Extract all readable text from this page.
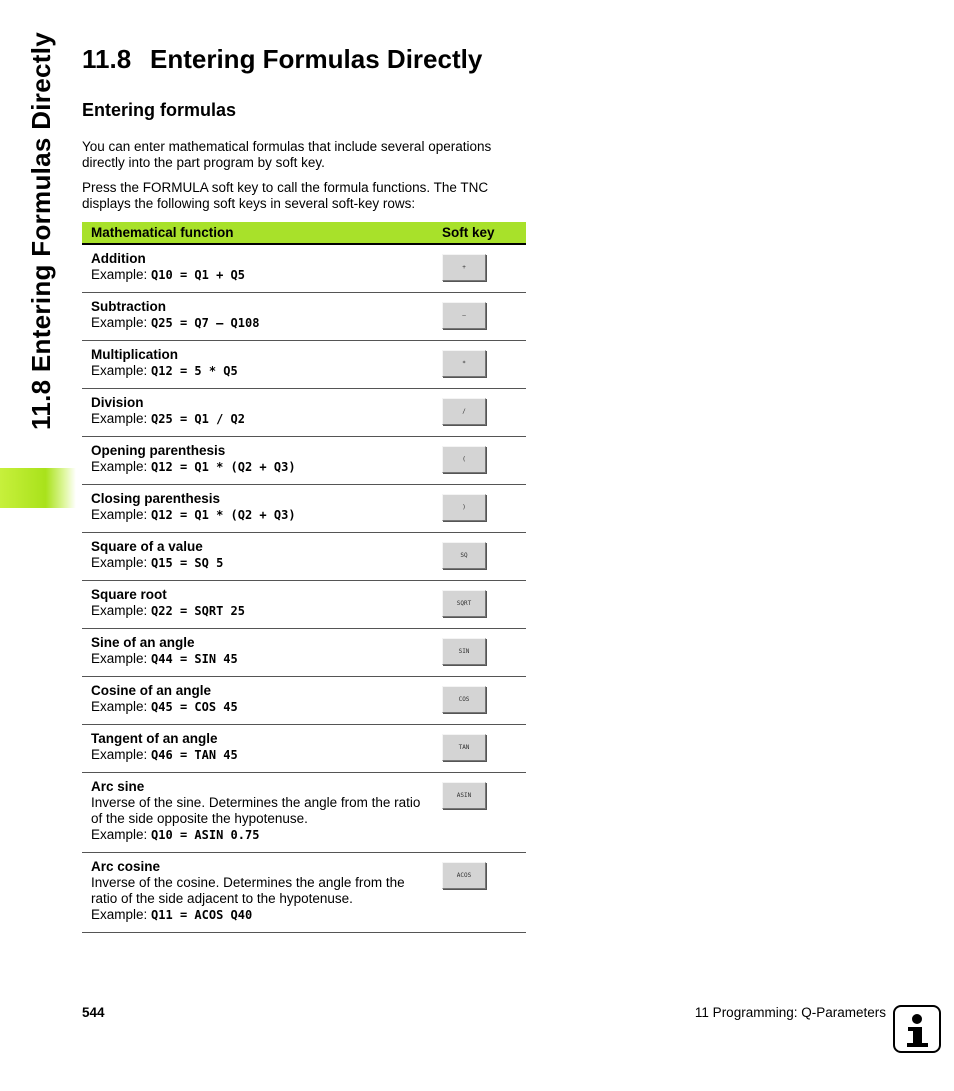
11.8 Entering Formulas Directly 11.8 Entering Formulas Directly
Entering formulas

You can enter mathematical formulas that include several operations directly into the part program by soft key.

Press the FORMULA soft key to call the formula functions. The TNC displays the following soft keys in several soft-key rows:

Mathematical function	Soft key

Addition
Example: Q10 = Q1 + Q5	+

Subtraction
Example: Q25 = Q7 – Q108	–

Multiplication
Example: Q12 = 5 * Q5	*

Division
Example: Q25 = Q1 / Q2	/

Opening parenthesis
Example: Q12 = Q1 * (Q2 + Q3)	(

Closing parenthesis
Example: Q12 = Q1 * (Q2 + Q3)	)

Square of a value
Example: Q15 = SQ 5	SQ

Square root
Example: Q22 = SQRT 25	SQRT

Sine of an angle
Example: Q44 = SIN 45	SIN

Cosine of an angle
Example: Q45 = COS 45	COS

Tangent of an angle
Example: Q46 = TAN 45	TAN

Arc sine
Inverse of the sine. Determines the angle from the ratio of the side opposite the hypotenuse.
Example: Q10 = ASIN 0.75	ASIN

Arc cosine
Inverse of the cosine. Determines the angle from the ratio of the side adjacent to the hypotenuse.
Example: Q11 = ACOS Q40	ACOS
544	11 Programming: Q-Parameters
